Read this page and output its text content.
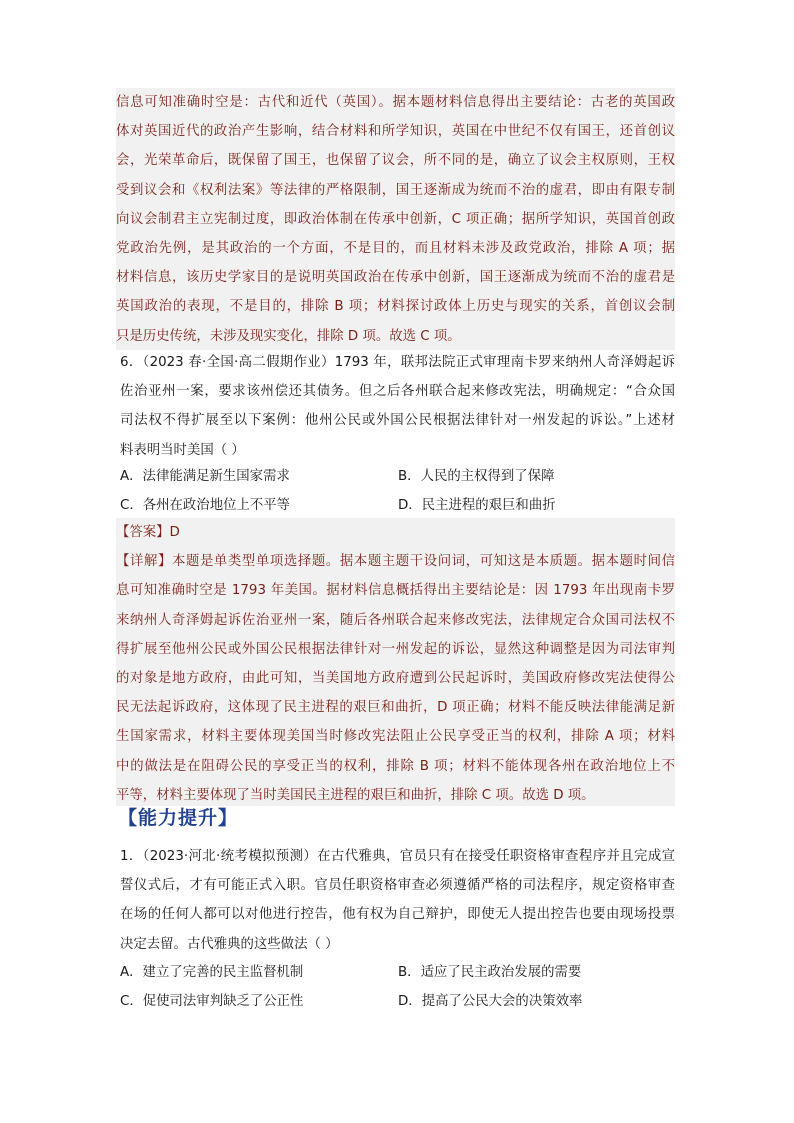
信息可知准确时空是：古代和近代（英国）。据本题材料信息得出主要结论：古老的英国政

体对英国近代的政治产生影响，结合材料和所学知识，英国在中世纪不仅有国王，还首创议

会，光荣革命后，既保留了国王，也保留了议会，所不同的是，确立了议会主权原则，王权

受到议会和《权利法案》等法律的严格限制，国王逐渐成为统而不治的虚君，即由有限专制

向议会制君主立宪制过度，即政治体制在传承中创新，C 项正确；据所学知识，英国首创政

党政治先例，是其政治的一个方面，不是目的，而且材料未涉及政党政治，排除 A 项；据

材料信息，该历史学家目的是说明英国政治在传承中创新，国王逐渐成为统而不治的虚君是

英国政治的表现，不是目的，排除 B 项；材料探讨政体上历史与现实的关系，首创议会制

只是历史传统，未涉及现实变化，排除 D 项。故选 C 项。

6．（2023 春·全国·高二假期作业）1793 年，联邦法院正式审理南卡罗来纳州人奇泽姆起诉

佐治亚州一案，要求该州偿还其债务。但之后各州联合起来修改宪法，明确规定：“合众国

司法权不得扩展至以下案例：他州公民或外国公民根据法律针对一州发起的诉讼。”上述材

料表明当时美国（ ）

A．法律能满足新生国家需求	B．人民的主权得到了保障
C．各州在政治地位上不平等	D．民主进程的艰巨和曲折

【答案】D

【详解】本题是单类型单项选择题。据本题主题干设问词，可知这是本质题。据本题时间信

息可知准确时空是 1793 年美国。据材料信息概括得出主要结论是：因 1793 年出现南卡罗

来纳州人奇泽姆起诉佐治亚州一案，随后各州联合起来修改宪法，法律规定合众国司法权不

得扩展至他州公民或外国公民根据法律针对一州发起的诉讼，显然这种调整是因为司法审判

的对象是地方政府，由此可知，当美国地方政府遭到公民起诉时，美国政府修改宪法使得公

民无法起诉政府，这体现了民主进程的艰巨和曲折，D 项正确；材料不能反映法律能满足新

生国家需求，材料主要体现美国当时修改宪法阻止公民享受正当的权利，排除 A 项；材料

中的做法是在阻碍公民的享受正当的权利，排除 B 项；材料不能体现各州在政治地位上不

平等，材料主要体现了当时美国民主进程的艰巨和曲折，排除 C 项。故选 D 项。

【能力提升】

1．（2023·河北·统考模拟预测）在古代雅典，官员只有在接受任职资格审查程序并且完成宣

誓仪式后，才有可能正式入职。官员任职资格审查必须遵循严格的司法程序，规定资格审查

在场的任何人都可以对他进行控告，他有权为自己辩护，即使无人提出控告也要由现场投票

决定去留。古代雅典的这些做法（ ）

A．建立了完善的民主监督机制	B．适应了民主政治发展的需要
C．促使司法审判缺乏了公正性	D．提高了公民大会的决策效率
